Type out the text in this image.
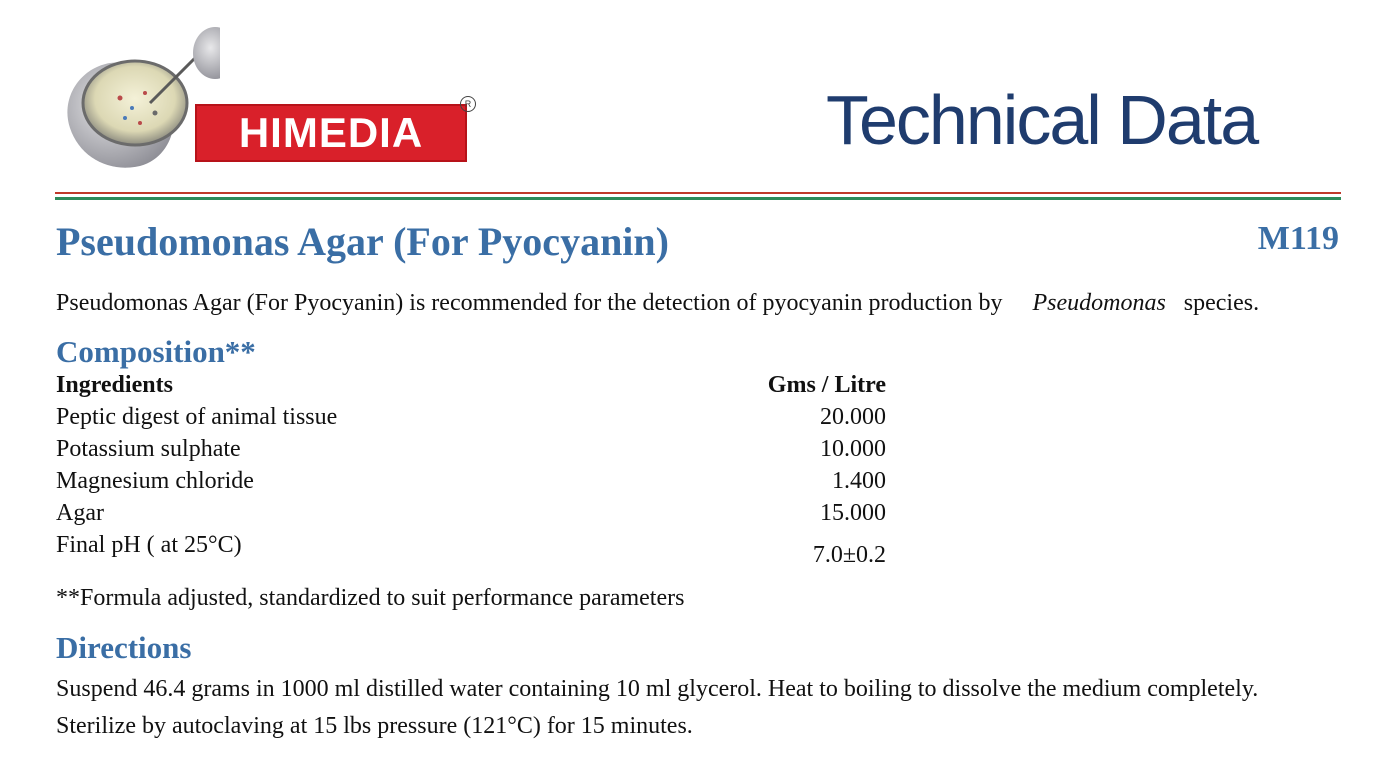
HIMEDIA
R	Technical Data
Pseudomonas Agar (For Pyocyanin)	M119
Pseudomonas Agar (For Pyocyanin) is recommended for the detection of pyocyanin production by Pseudomonas species.
Composition**
Ingredients	Gms / Litre
Peptic digest of animal tissue	20.000
Potassium sulphate	10.000
Magnesium chloride	1.400
Agar	15.000
Final pH ( at 25°C)	7.0±0.2
**Formula adjusted, standardized to suit performance parameters
Directions
Suspend 46.4 grams in 1000 ml distilled water containing 10 ml glycerol. Heat to boiling to dissolve the medium completely.
Sterilize by autoclaving at 15 lbs pressure (121°C) for 15 minutes.
